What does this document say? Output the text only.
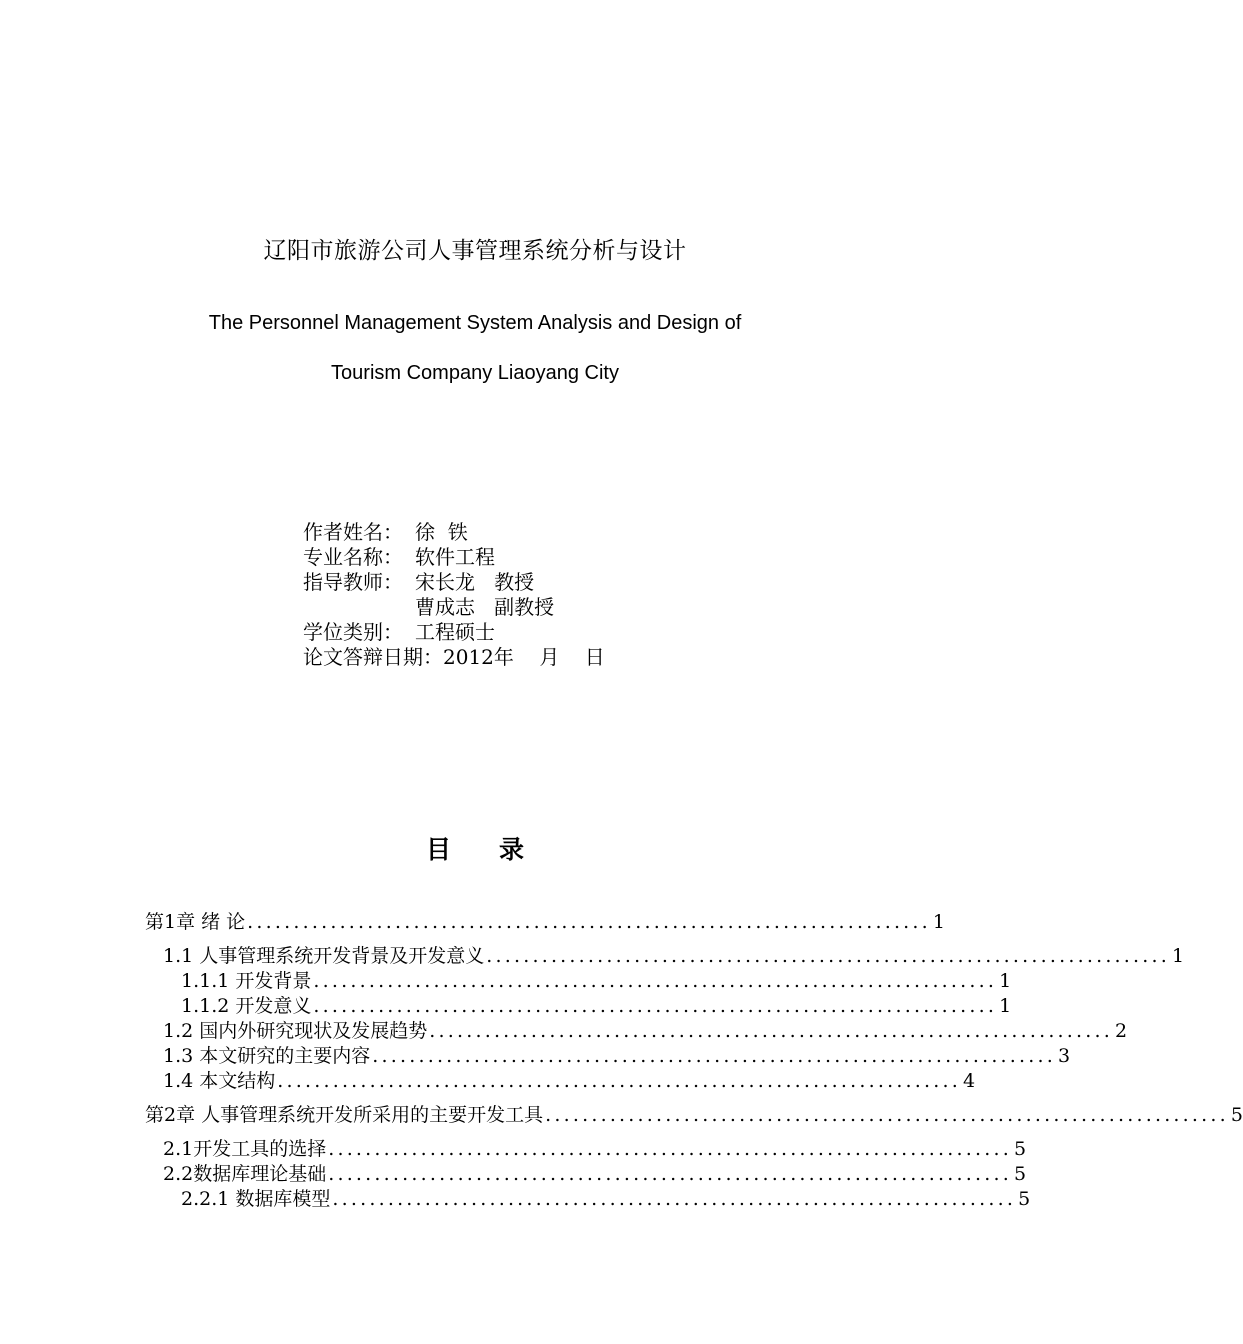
辽阳市旅游公司人事管理系统分析与设计
The Personnel Management System Analysis and Design of
Tourism Company Liaoyang City
作者姓名： 徐  铁
专业名称： 软件工程
指导教师： 宋长龙   教授
曹成志   副教授
学位类别： 工程硕士
论文答辩日期： 2012年    月    日
目录
第1章 绪 论 .......................................................................... 1
1.1 人事管理系统开发背景及开发意义 .......................................................................... 1
1.1.1 开发背景 .......................................................................... 1
1.1.2 开发意义 .......................................................................... 1
1.2 国内外研究现状及发展趋势 .......................................................................... 2
1.3 本文研究的主要内容 .......................................................................... 3
1.4 本文结构 .......................................................................... 4
第2章 人事管理系统开发所采用的主要开发工具 .......................................................................... 5
2.1开发工具的选择 .......................................................................... 5
2.2数据库理论基础 .......................................................................... 5
2.2.1 数据库模型 .......................................................................... 5
